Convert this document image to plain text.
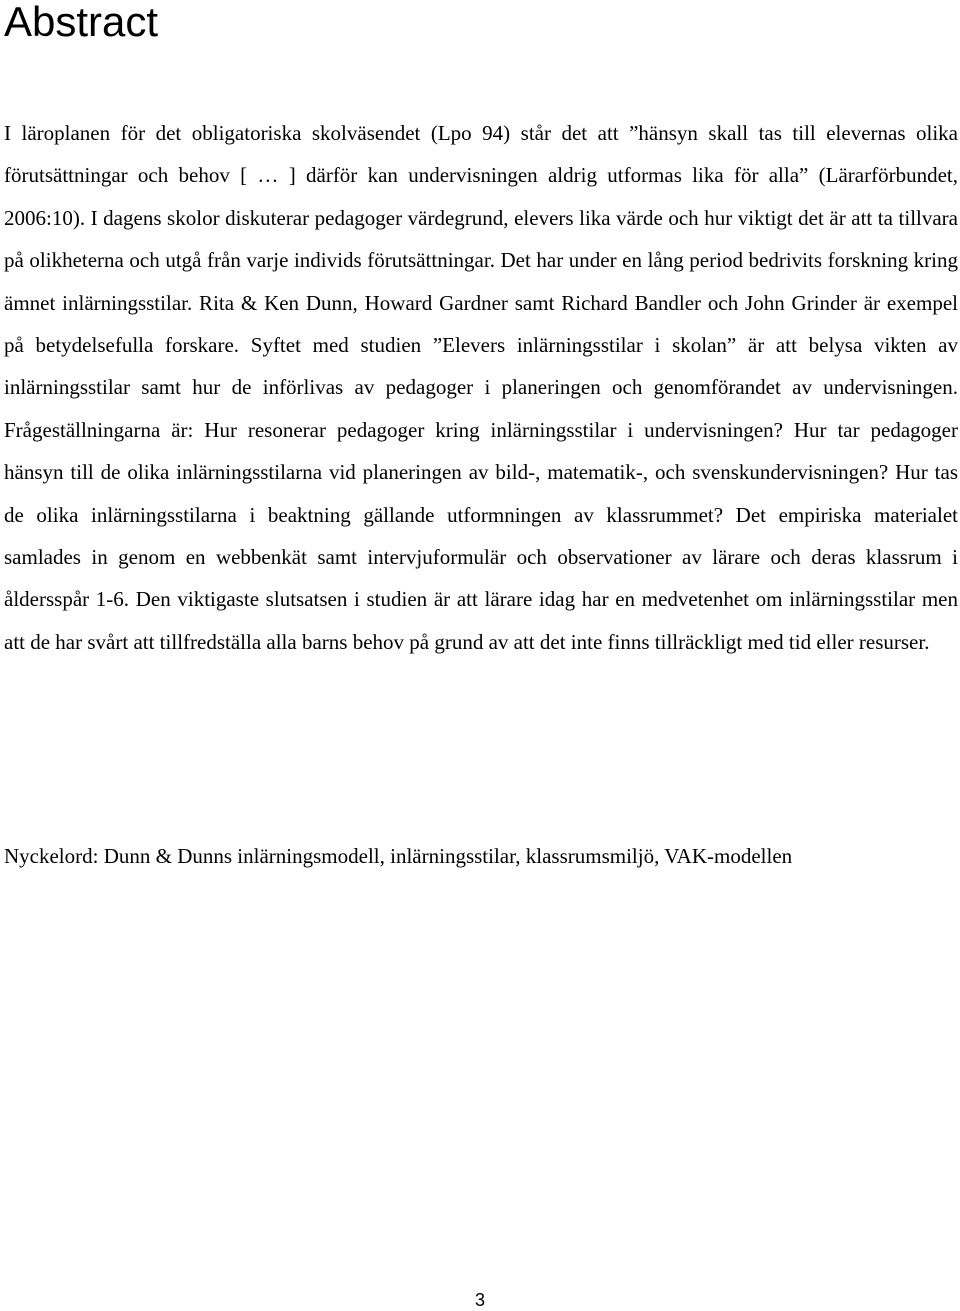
Abstract

I läroplanen för det obligatoriska skolväsendet (Lpo 94) står det att ”hänsyn skall tas till elevernas olika förutsättningar och behov [ … ] därför kan undervisningen aldrig utformas lika för alla” (Lärarförbundet, 2006:10). I dagens skolor diskuterar pedagoger värdegrund, elevers lika värde och hur viktigt det är att ta tillvara på olikheterna och utgå från varje individs förutsättningar. Det har under en lång period bedrivits forskning kring ämnet inlärningsstilar. Rita & Ken Dunn, Howard Gardner samt Richard Bandler och John Grinder är exempel på betydelsefulla forskare. Syftet med studien ”Elevers inlärningsstilar i skolan” är att belysa vikten av inlärningsstilar samt hur de införlivas av pedagoger i planeringen och genomförandet av undervisningen. Frågeställningarna är: Hur resonerar pedagoger kring inlärningsstilar i undervisningen? Hur tar pedagoger hänsyn till de olika inlärningsstilarna vid planeringen av bild-, matematik-, och svenskundervisningen? Hur tas de olika inlärningsstilarna i beaktning gällande utformningen av klassrummet? Det empiriska materialet samlades in genom en webbenkät samt intervjuformulär och observationer av lärare och deras klassrum i åldersspår 1-6. Den viktigaste slutsatsen i studien är att lärare idag har en medvetenhet om inlärningsstilar men att de har svårt att tillfredställa alla barns behov på grund av att det inte finns tillräckligt med tid eller resurser.

Nyckelord: Dunn & Dunns inlärningsmodell, inlärningsstilar, klassrumsmiljö, VAK-modellen

3
